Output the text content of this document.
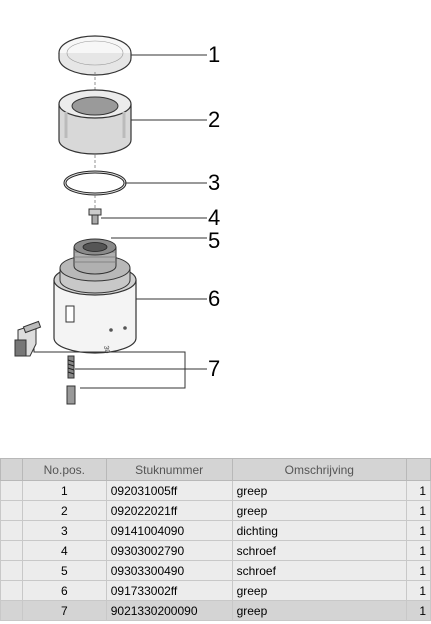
30
1
2
3
4
5
6
7
	No.pos.	Stuknummer	Omschrijving	
	1	092031005ff	greep	1
	2	092022021ff	greep	1
	3	09141004090	dichting	1
	4	09303002790	schroef	1
	5	09303300490	schroef	1
	6	091733002ff	greep	1
	7	9021330200090	greep	1
